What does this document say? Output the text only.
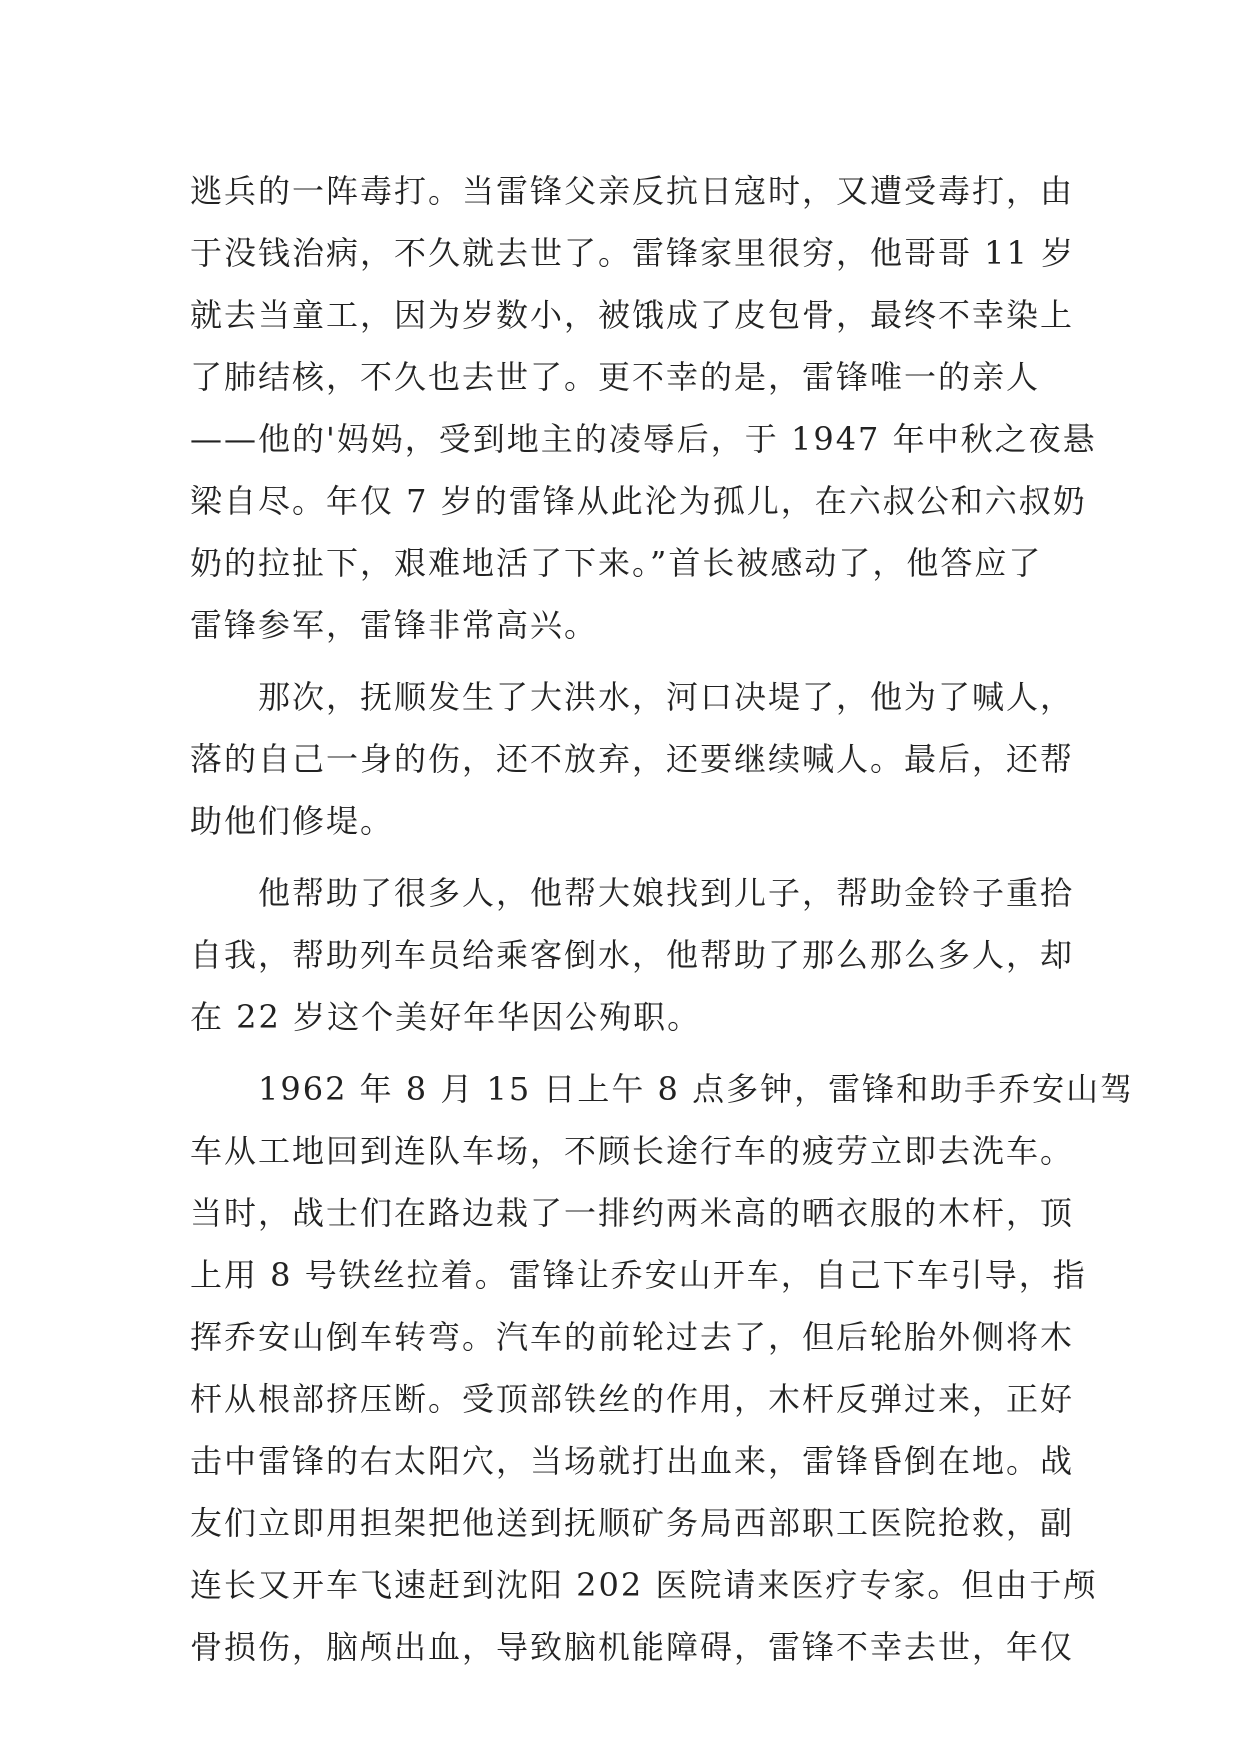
逃兵的一阵毒打。当雷锋父亲反抗日寇时，又遭受毒打，由
于没钱治病，不久就去世了。雷锋家里很穷，他哥哥 11 岁
就去当童工，因为岁数小，被饿成了皮包骨，最终不幸染上
了肺结核，不久也去世了。更不幸的是，雷锋唯一的亲人
——他的'妈妈，受到地主的凌辱后，于 1947 年中秋之夜悬
梁自尽。年仅 7 岁的雷锋从此沦为孤儿，在六叔公和六叔奶
奶的拉扯下，艰难地活了下来。”首长被感动了，他答应了
雷锋参军，雷锋非常高兴。
　　那次，抚顺发生了大洪水，河口决堤了，他为了喊人，
落的自己一身的伤，还不放弃，还要继续喊人。最后，还帮
助他们修堤。
　　他帮助了很多人，他帮大娘找到儿子，帮助金铃子重拾
自我，帮助列车员给乘客倒水，他帮助了那么那么多人，却
在 22 岁这个美好年华因公殉职。
　　1962 年 8 月 15 日上午 8 点多钟，雷锋和助手乔安山驾
车从工地回到连队车场，不顾长途行车的疲劳立即去洗车。
当时，战士们在路边栽了一排约两米高的晒衣服的木杆，顶
上用 8 号铁丝拉着。雷锋让乔安山开车，自己下车引导，指
挥乔安山倒车转弯。汽车的前轮过去了，但后轮胎外侧将木
杆从根部挤压断。受顶部铁丝的作用，木杆反弹过来，正好
击中雷锋的右太阳穴，当场就打出血来，雷锋昏倒在地。战
友们立即用担架把他送到抚顺矿务局西部职工医院抢救，副
连长又开车飞速赶到沈阳 202 医院请来医疗专家。但由于颅
骨损伤，脑颅出血，导致脑机能障碍，雷锋不幸去世，年仅
